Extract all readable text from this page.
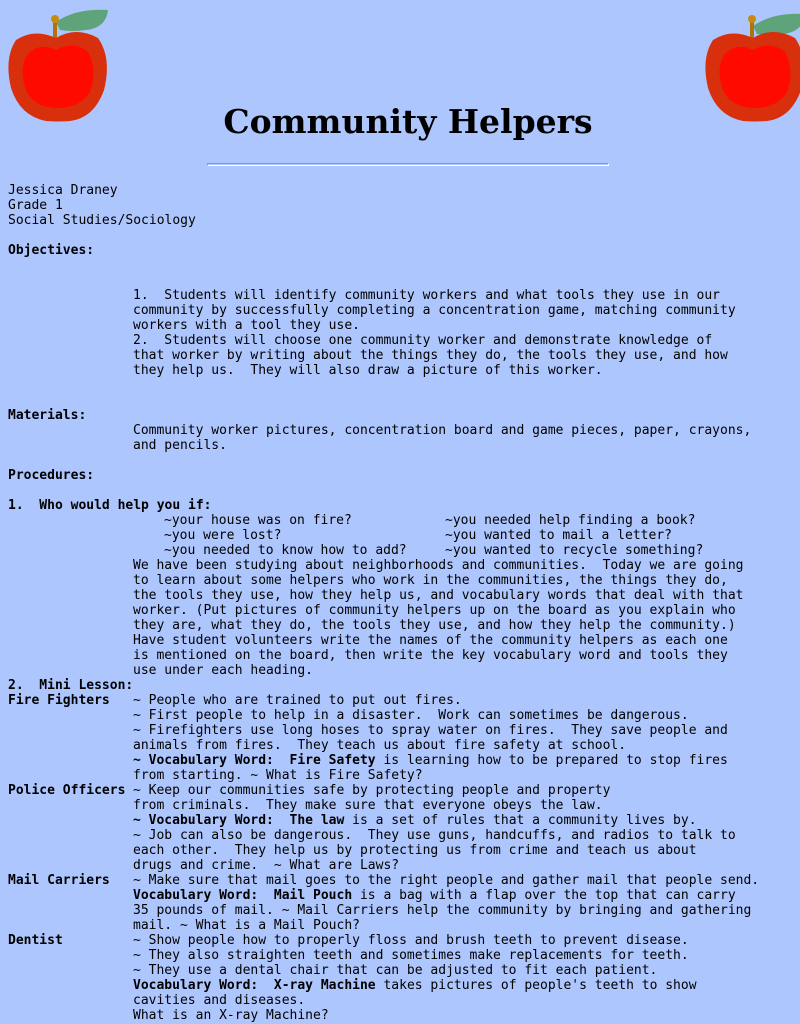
Community Helpers
Jessica Draney
Grade 1
Social Studies/Sociology
Objectives:
1.  Students will identify community workers and what tools they use in our
community by successfully completing a concentration game, matching community
workers with a tool they use.
2.  Students will choose one community worker and demonstrate knowledge of
that worker by writing about the things they do, the tools they use, and how
they help us.  They will also draw a picture of this worker.
Materials:
Community worker pictures, concentration board and game pieces, paper, crayons,
and pencils.
Procedures:
1.  Who would help you if:
~your house was on fire?	~you needed help finding a book?
~you were lost?	~you wanted to mail a letter?
~you needed to know how to add?	~you wanted to recycle something?
We have been studying about neighborhoods and communities.  Today we are going
to learn about some helpers who work in the communities, the things they do,
the tools they use, how they help us, and vocabulary words that deal with that
worker. (Put pictures of community helpers up on the board as you explain who
they are, what they do, the tools they use, and how they help the community.)
Have student volunteers write the names of the community helpers as each one
is mentioned on the board, then write the key vocabulary word and tools they
use under each heading.
2.  Mini Lesson:
Fire Fighters ~ People who are trained to put out fires.
~ First people to help in a disaster.  Work can sometimes be dangerous.
~ Firefighters use long hoses to spray water on fires.  They save people and
animals from fires.  They teach us about fire safety at school.
~ Vocabulary Word:  Fire Safety is learning how to be prepared to stop fires
from starting. ~ What is Fire Safety?
Police Officers ~ Keep our communities safe by protecting people and property
from criminals.  They make sure that everyone obeys the law.
~ Vocabulary Word:  The law is a set of rules that a community lives by.
~ Job can also be dangerous.  They use guns, handcuffs, and radios to talk to
each other.  They help us by protecting us from crime and teach us about
drugs and crime.  ~ What are Laws?
Mail Carriers ~ Make sure that mail goes to the right people and gather mail that people send.
Vocabulary Word:  Mail Pouch is a bag with a flap over the top that can carry
35 pounds of mail. ~ Mail Carriers help the community by bringing and gathering
mail. ~ What is a Mail Pouch?
Dentist	~ Show people how to properly floss and brush teeth to prevent disease.
~ They also straighten teeth and sometimes make replacements for teeth.
~ They use a dental chair that can be adjusted to fit each patient.
Vocabulary Word:  X-ray Machine takes pictures of people's teeth to show
cavities and diseases.
What is an X-ray Machine?
